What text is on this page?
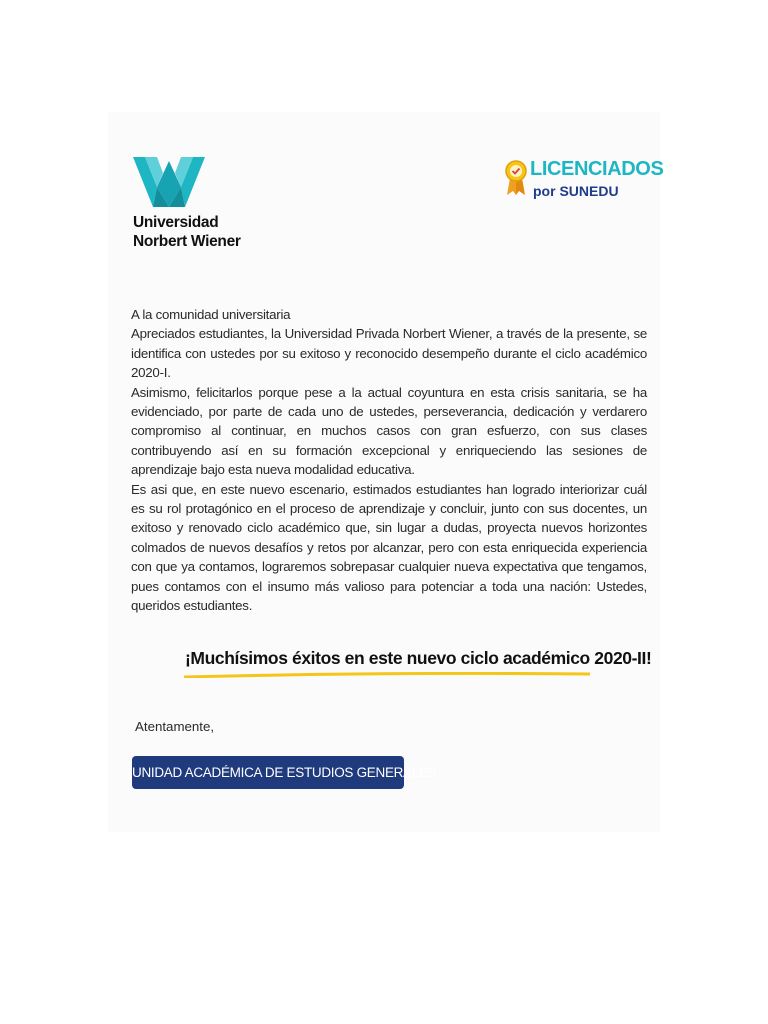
Universidad
Norbert Wiener
LICENCIADOS
por SUNEDU

A la comunidad universitaria

Apreciados estudiantes, la Universidad Privada Norbert Wiener, a través de la presente, se identifica con ustedes por su exitoso y reconocido desempeño durante el ciclo académico 2020-I.

Asimismo, felicitarlos porque pese a la actual coyuntura en esta crisis sanitaria, se ha evidenciado, por parte de cada uno de ustedes, perseverancia, dedicación y verdarero compromiso al continuar, en muchos casos con gran esfuerzo, con sus clases contribuyendo así en su formación excepcional y enriqueciendo las sesiones de aprendizaje bajo esta nueva modalidad educativa.

Es asi que, en este nuevo escenario, estimados estudiantes han logrado interiorizar cuál es su rol protagónico en el proceso de aprendizaje y concluir, junto con sus docentes, un exitoso y renovado ciclo académico que, sin lugar a dudas, proyecta nuevos horizontes colmados de nuevos desafíos y retos por alcanzar, pero con esta enriquecida experiencia con que ya contamos, lograremos sobrepasar cualquier nueva expectativa que tengamos, pues contamos con el insumo más valioso para potenciar a toda una nación: Ustedes, queridos estudiantes.

¡Muchísimos éxitos en este nuevo ciclo académico 2020-II!
Atentamente,
UNIDAD ACADÉMICA DE ESTUDIOS GENERALES
